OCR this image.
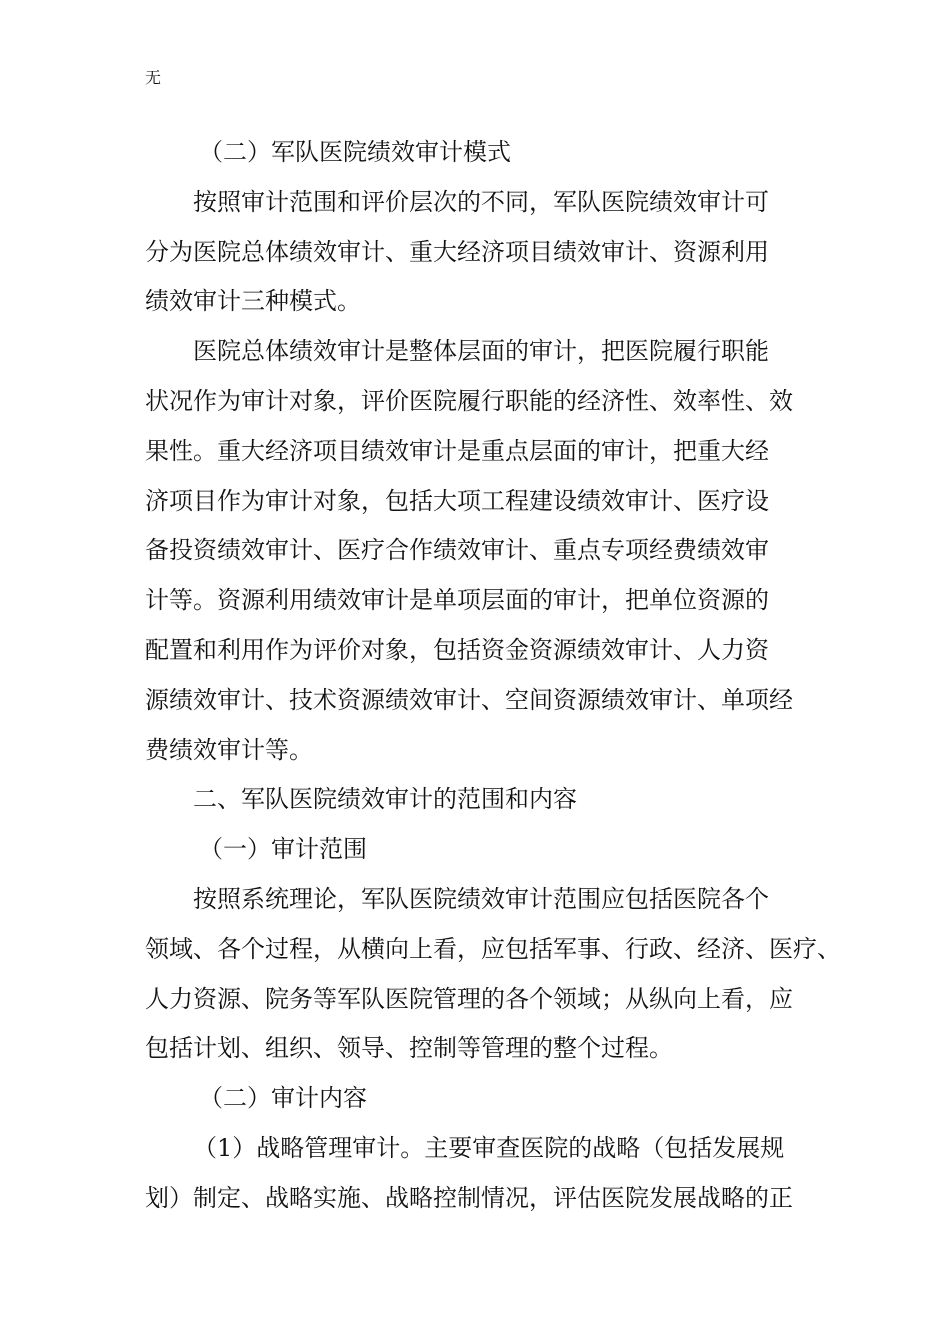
无
（二）军队医院绩效审计模式
按照审计范围和评价层次的不同，军队医院绩效审计可
分为医院总体绩效审计、重大经济项目绩效审计、资源利用
绩效审计三种模式。
医院总体绩效审计是整体层面的审计，把医院履行职能
状况作为审计对象，评价医院履行职能的经济性、效率性、效
果性。重大经济项目绩效审计是重点层面的审计，把重大经
济项目作为审计对象，包括大项工程建设绩效审计、医疗设
备投资绩效审计、医疗合作绩效审计、重点专项经费绩效审
计等。资源利用绩效审计是单项层面的审计，把单位资源的
配置和利用作为评价对象，包括资金资源绩效审计、人力资
源绩效审计、技术资源绩效审计、空间资源绩效审计、单项经
费绩效审计等。
二、军队医院绩效审计的范围和内容
（一）审计范围
按照系统理论，军队医院绩效审计范围应包括医院各个
领域、各个过程，从横向上看，应包括军事、行政、经济、医疗、
人力资源、院务等军队医院管理的各个领域；从纵向上看，应
包括计划、组织、领导、控制等管理的整个过程。
（二）审计内容
（1）战略管理审计。主要审查医院的战略（包括发展规
划）制定、战略实施、战略控制情况，评估医院发展战略的正
